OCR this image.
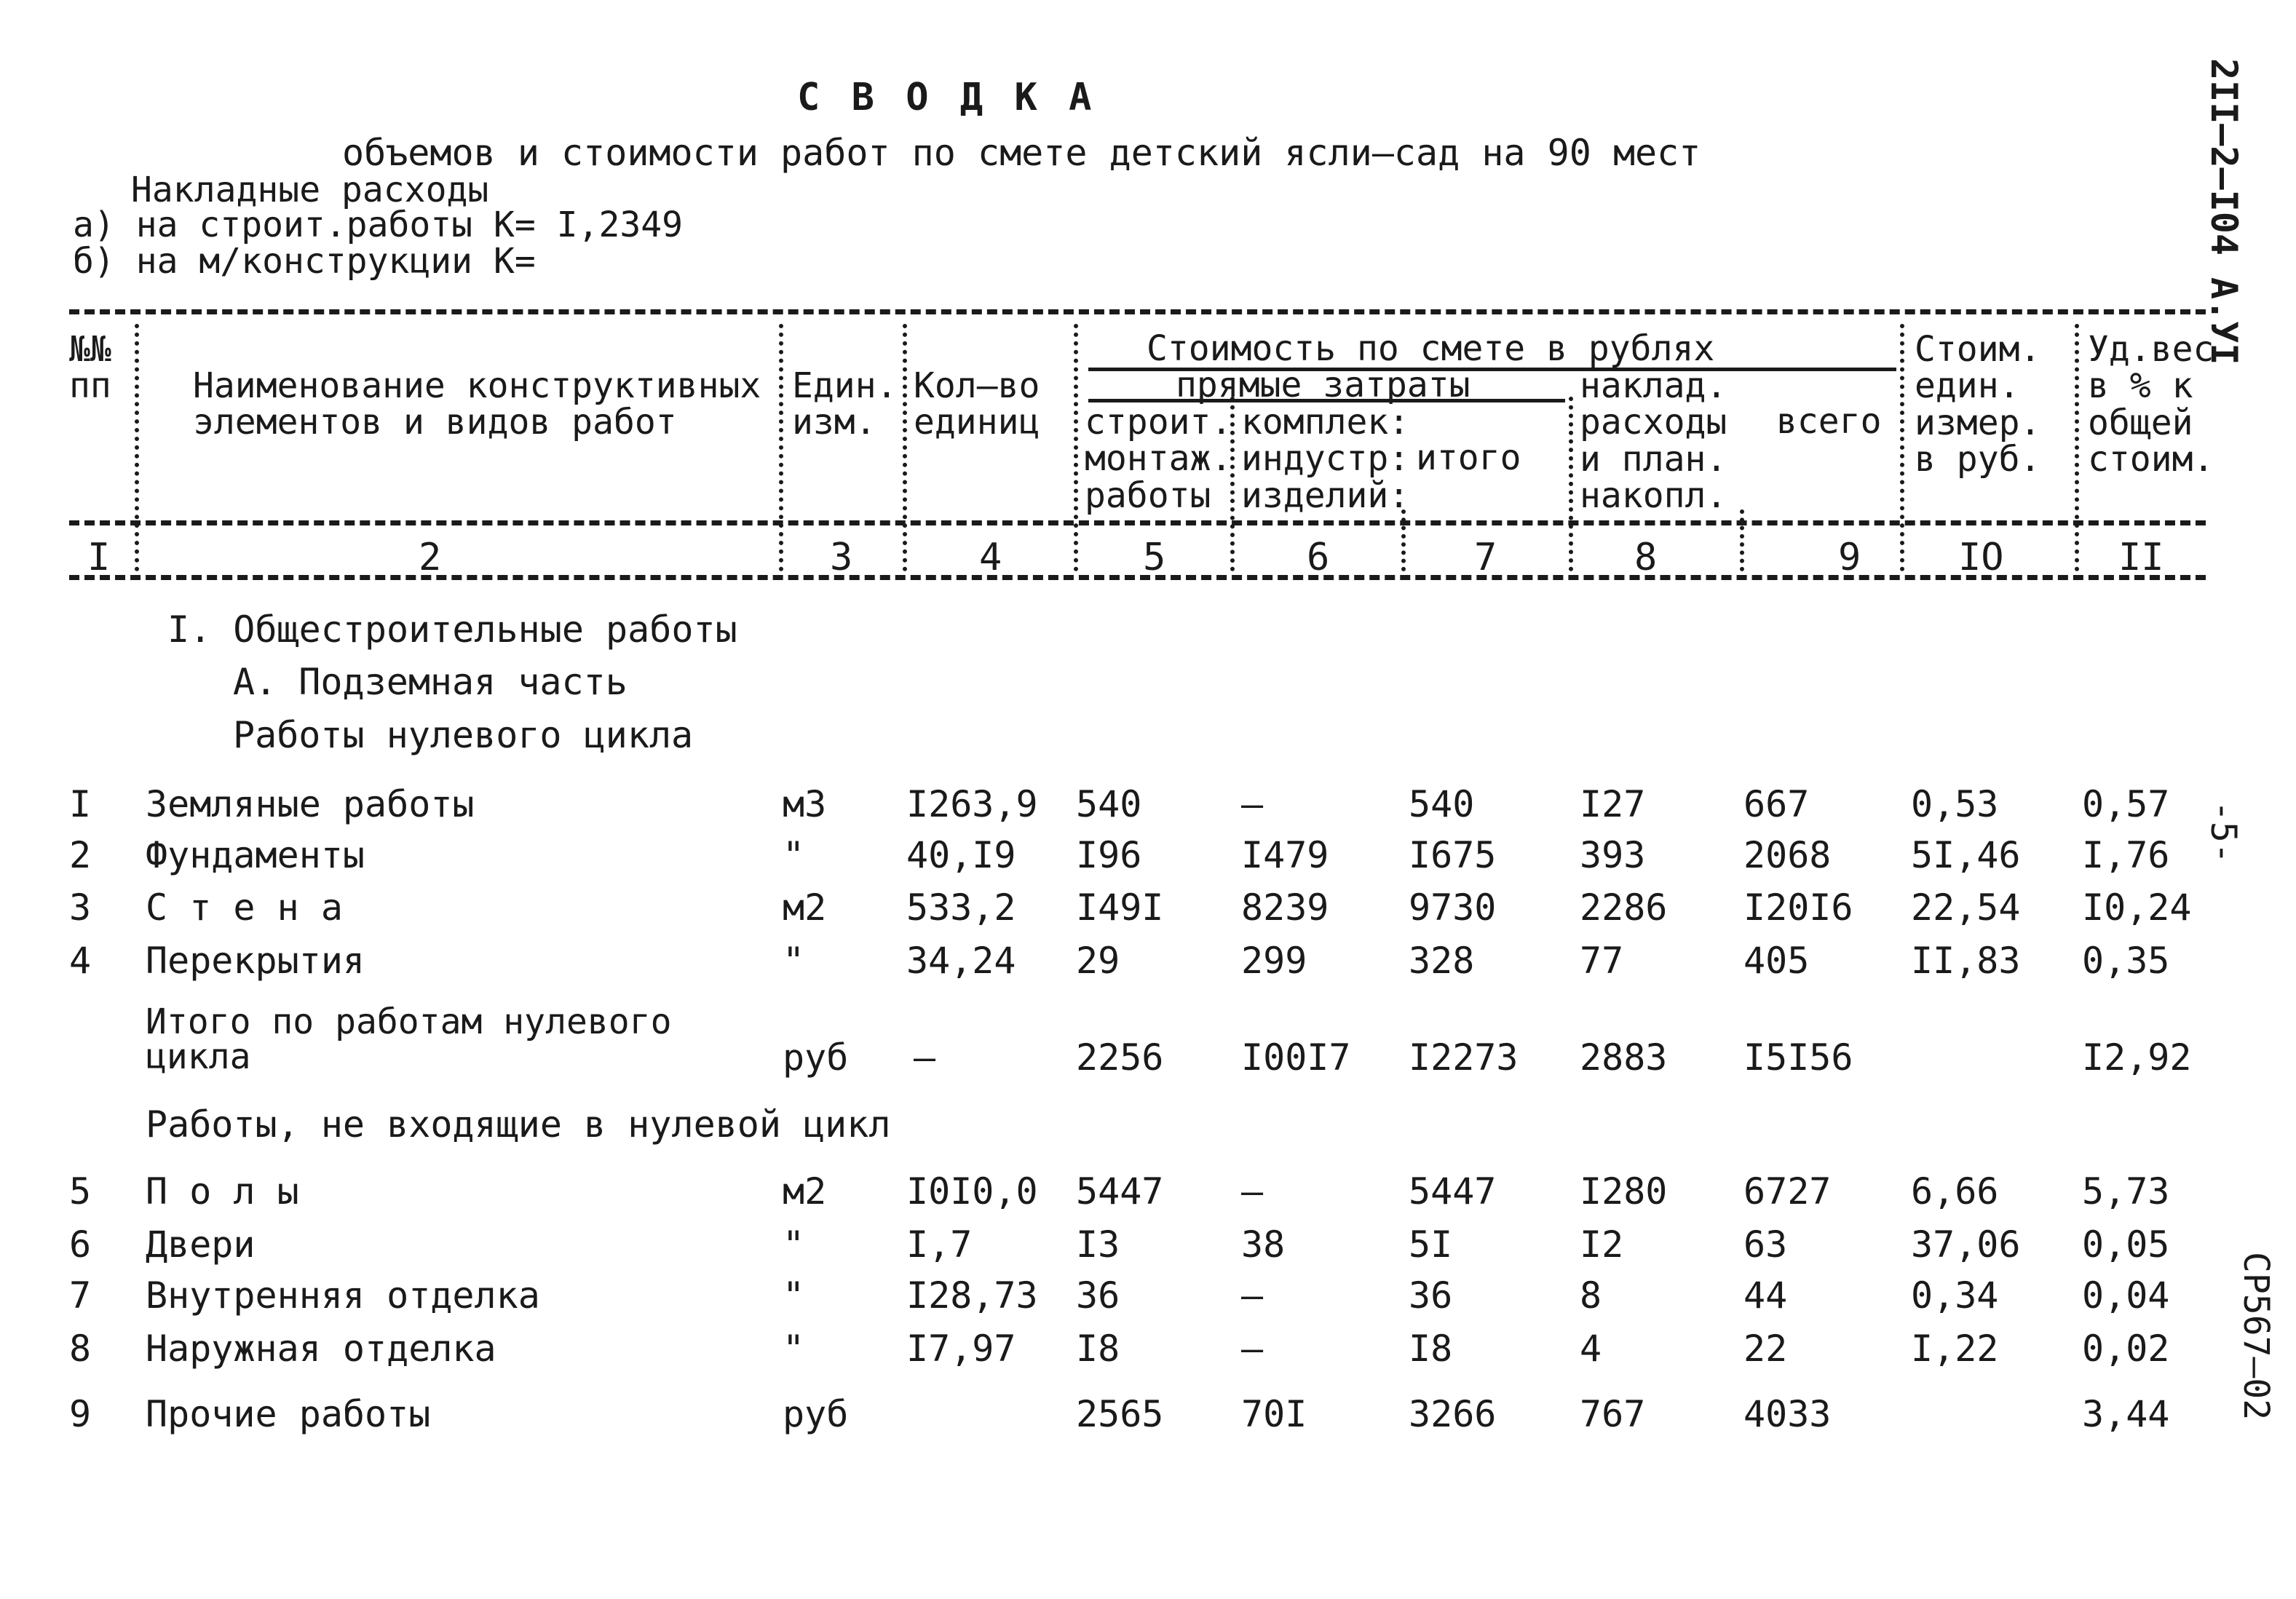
С В О Д К А
объемов и стоимости работ по смете детский ясли–сад на 90 мест
Накладные расходы
а) на строит.работы К= I,2349
б) на м/конструкции К=	2II–2–I04 А.УI
-5-
СР567–02
№№
пп Наименование конструктивных
элементов и видов работ
Един.
изм.
Кол–во
единиц
Стоимость по смете в рублях
прямые затраты
строит.
монтаж.
работы
комплек:
индустр:
изделий:
итого
наклад.
расходы
и план.
накопл.
всего
Стоим.
един.
измер.
в руб.
Уд.вес
в % к
общей
стоим.
I	2	3	4	5	6	7	8	9	IO	II
I. Общестроительные работы
А. Подземная часть
Работы нулевого цикла
I Земляные работы	м3 I263,9 540	–	540	I27	667	0,53 0,57
2 Фундаменты	"	40,I9 I96	I479 I675 393	2068 5I,46 I,76
3 С т е н а	м2 533,2 I49I 8239 9730 2286 I20I6 22,54 I0,24
4 Перекрытия	"	34,24 29	299	328	77	405	II,83 0,35
Итого по работам нулевого
цикла	руб –	2256 I00I7 I2273 2883 I5I56	I2,92
Работы, не входящие в нулевой цикл
5 П о л ы	м2 I0I0,0 5447 –	5447 I280 6727 6,66 5,73
6 Двери	"	I,7	I3	38	5I	I2	63	37,06 0,05
7 Внутренняя отделка	"	I28,73 36	–	36	8	44	0,34 0,04
8 Наружная отделка	"	I7,97 I8	–	I8	4	22	I,22 0,02
9 Прочие работы	руб	2565 70I	3266 767	4033	3,44
